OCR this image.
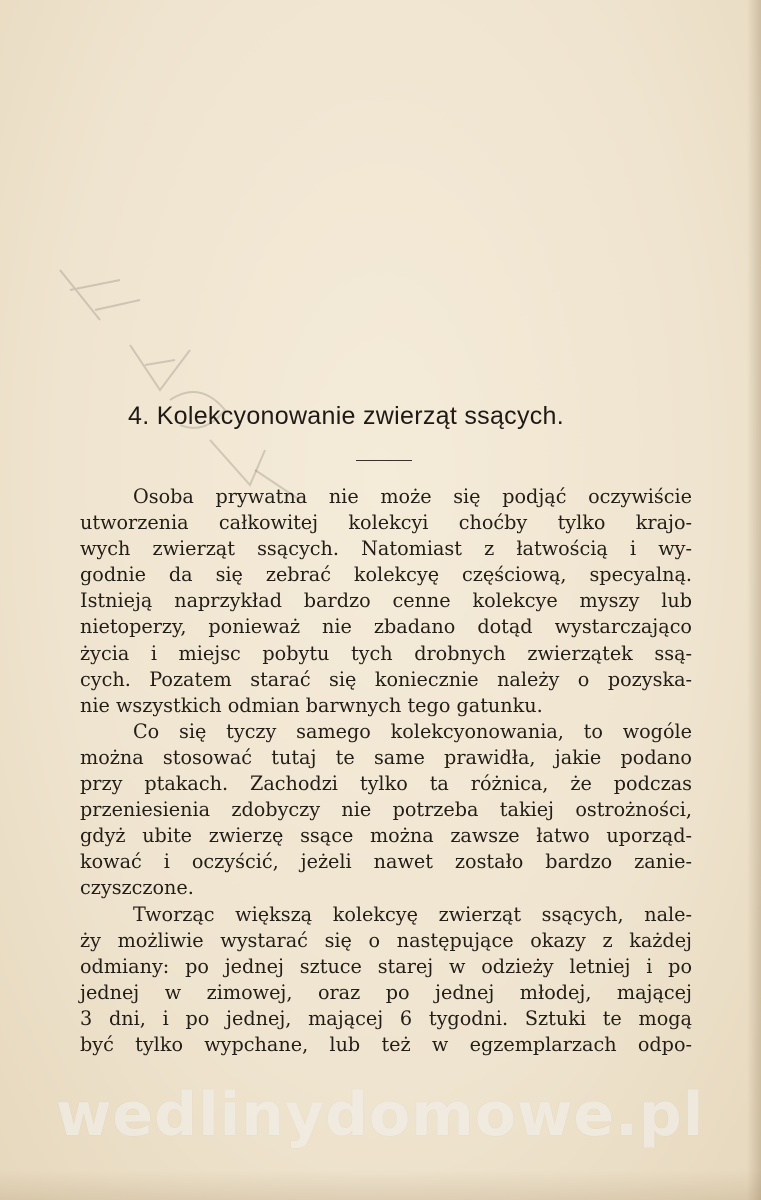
4. Kolekcyonowanie zwierząt ssących.
Osoba prywatna nie może się podjąć oczywiście
utworzenia całkowitej kolekcyi choćby tylko krajo-
wych zwierząt ssących. Natomiast z łatwością i wy-
godnie da się zebrać kolekcyę częściową, specyalną.
Istnieją naprzykład bardzo cenne kolekcye myszy lub
nietoperzy, ponieważ nie zbadano dotąd wystarczająco
życia i miejsc pobytu tych drobnych zwierzątek ssą-
cych. Pozatem starać się koniecznie należy o pozyska-
nie wszystkich odmian barwnych tego gatunku.
Co się tyczy samego kolekcyonowania, to wogóle
można stosować tutaj te same prawidła, jakie podano
przy ptakach. Zachodzi tylko ta różnica, że podczas
przeniesienia zdobyczy nie potrzeba takiej ostrożności,
gdyż ubite zwierzę ssące można zawsze łatwo uporząd-
kować i oczyścić, jeżeli nawet zostało bardzo zanie-
czyszczone.
Tworząc większą kolekcyę zwierząt ssących, nale-
ży możliwie wystarać się o następujące okazy z każdej
odmiany: po jednej sztuce starej w odzieży letniej i po
jednej w zimowej, oraz po jednej młodej, mającej
3 dni, i po jednej, mającej 6 tygodni. Sztuki te mogą
być tylko wypchane, lub też w egzemplarzach odpo-
wedlinydomowe.pl
